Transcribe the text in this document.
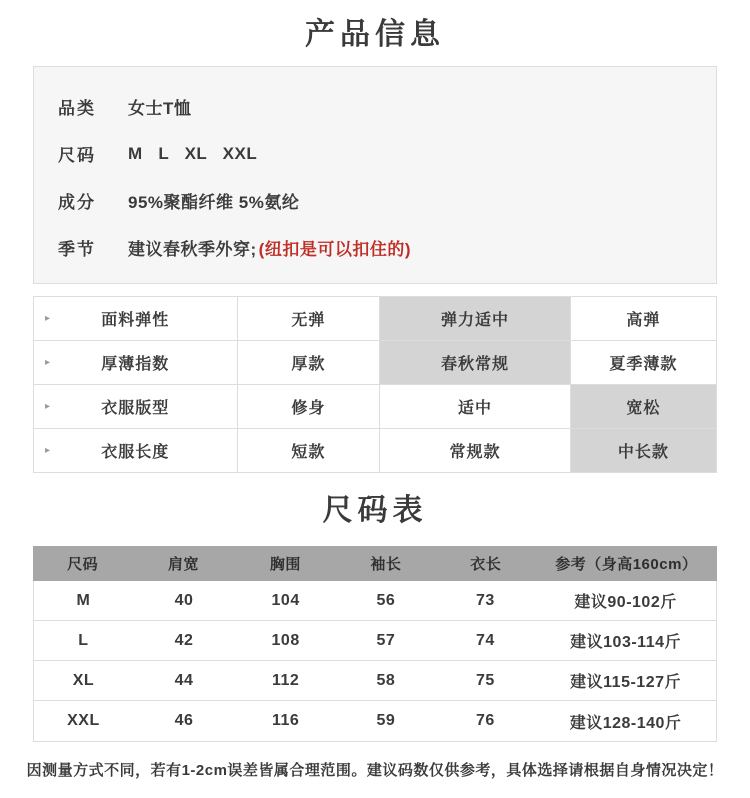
产品信息
品类	女士T恤
尺码	M   L   XL   XXL
成分	95%聚酯纤维 5%氨纶
季节	建议春秋季外穿; (纽扣是可以扣住的)
▸	面料弹性	无弹	弹力适中	高弹
▸	厚薄指数	厚款	春秋常规	夏季薄款
▸	衣服版型	修身	适中	宽松
▸	衣服长度	短款	常规款	中长款
尺码表
尺码	肩宽	胸围	袖长	衣长	参考（身高160cm）
M	40	104	56	73	建议90-102斤
L	42	108	57	74	建议103-114斤
XL	44	112	58	75	建议115-127斤
XXL	46	116	59	76	建议128-140斤
因测量方式不同，若有1-2cm误差皆属合理范围。建议码数仅供参考，具体选择请根据自身情况决定！
